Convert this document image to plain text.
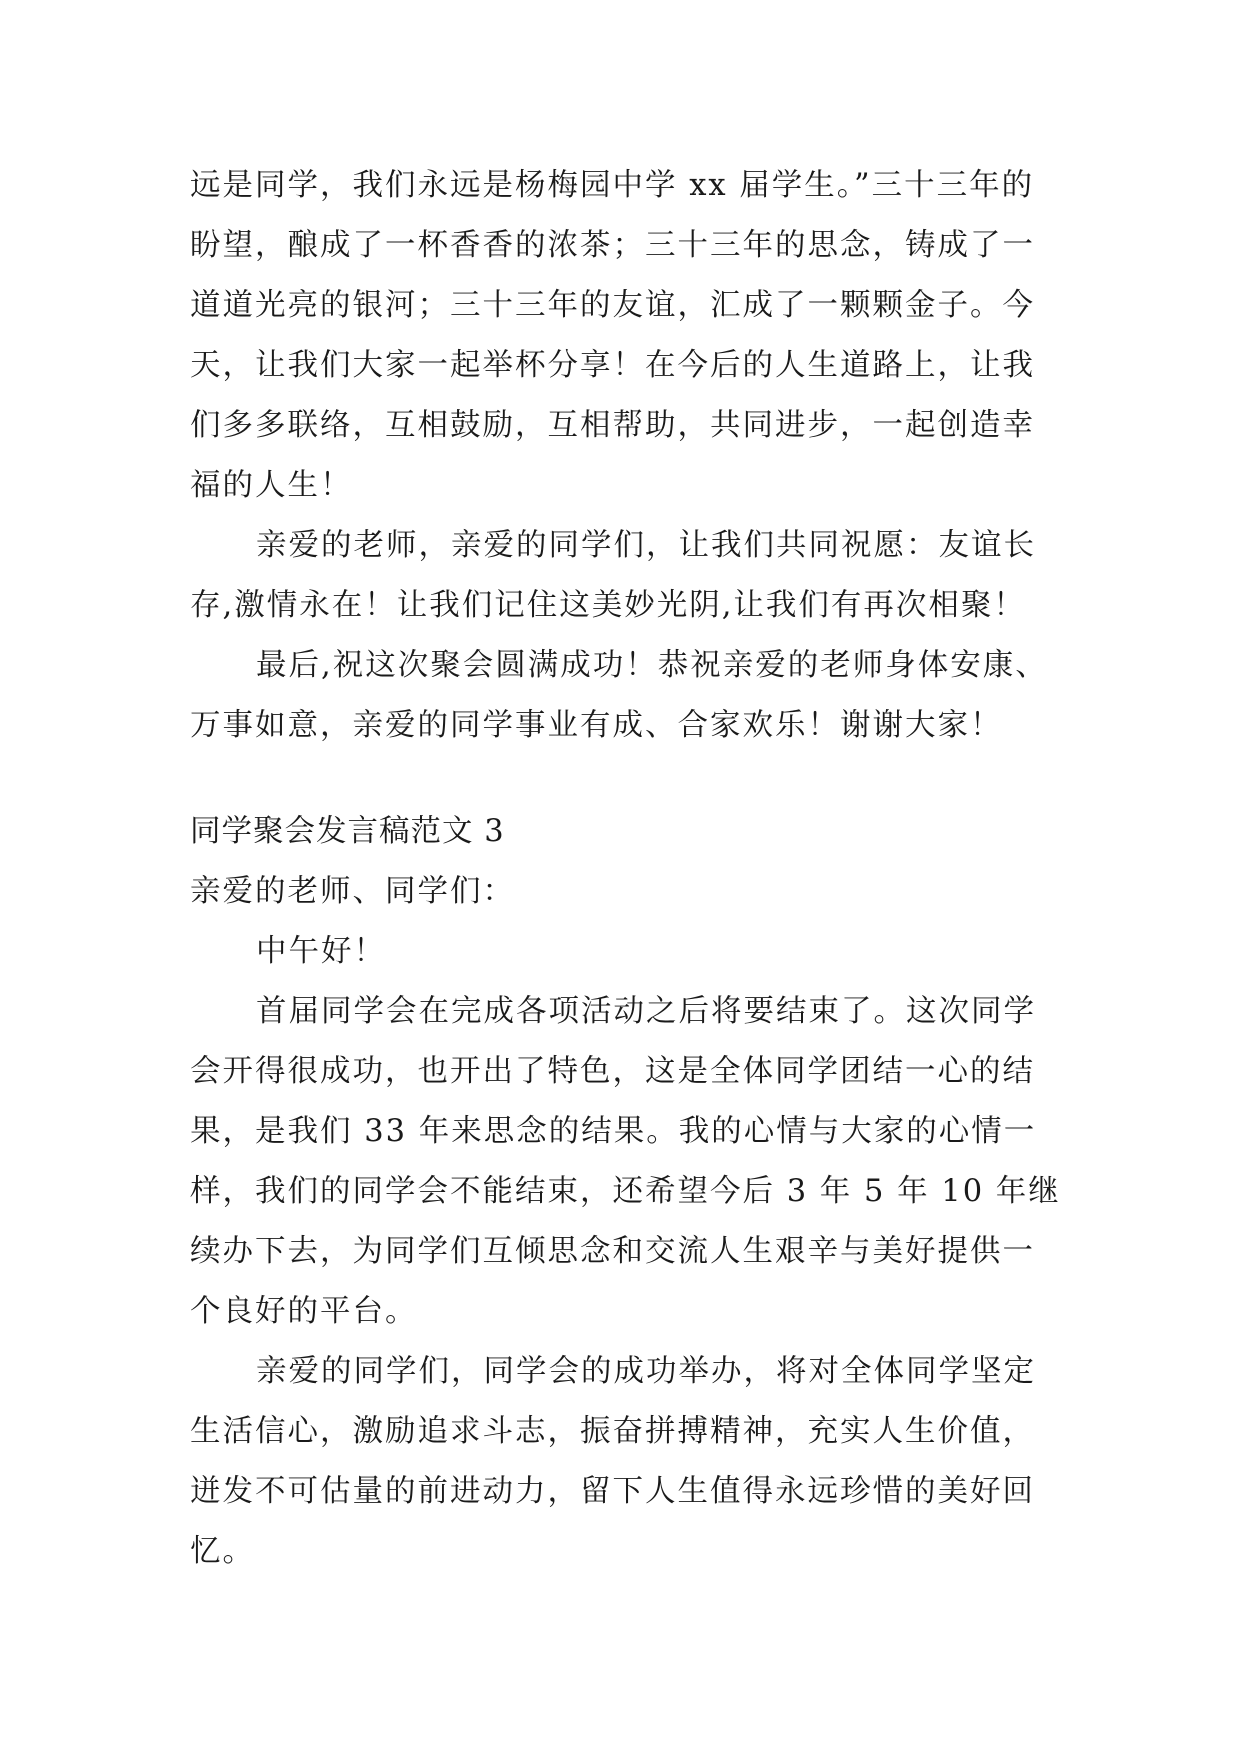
远是同学，我们永远是杨梅园中学 xx 届学生。”三十三年的
盼望，酿成了一杯香香的浓茶；三十三年的思念，铸成了一
道道光亮的银河；三十三年的友谊，汇成了一颗颗金子。今
天，让我们大家一起举杯分享！在今后的人生道路上，让我
们多多联络，互相鼓励，互相帮助，共同进步，一起创造幸
福的人生！
亲爱的老师，亲爱的同学们，让我们共同祝愿：友谊长
存,激情永在！让我们记住这美妙光阴,让我们有再次相聚！
最后,祝这次聚会圆满成功！恭祝亲爱的老师身体安康、
万事如意，亲爱的同学事业有成、合家欢乐！谢谢大家！
同学聚会发言稿范文 3
亲爱的老师、同学们：
中午好！
首届同学会在完成各项活动之后将要结束了。这次同学
会开得很成功，也开出了特色，这是全体同学团结一心的结
果，是我们 33 年来思念的结果。我的心情与大家的心情一
样，我们的同学会不能结束，还希望今后 3 年 5 年 10 年继
续办下去，为同学们互倾思念和交流人生艰辛与美好提供一
个良好的平台。
亲爱的同学们，同学会的成功举办，将对全体同学坚定
生活信心，激励追求斗志，振奋拼搏精神，充实人生价值，
迸发不可估量的前进动力，留下人生值得永远珍惜的美好回
忆。
